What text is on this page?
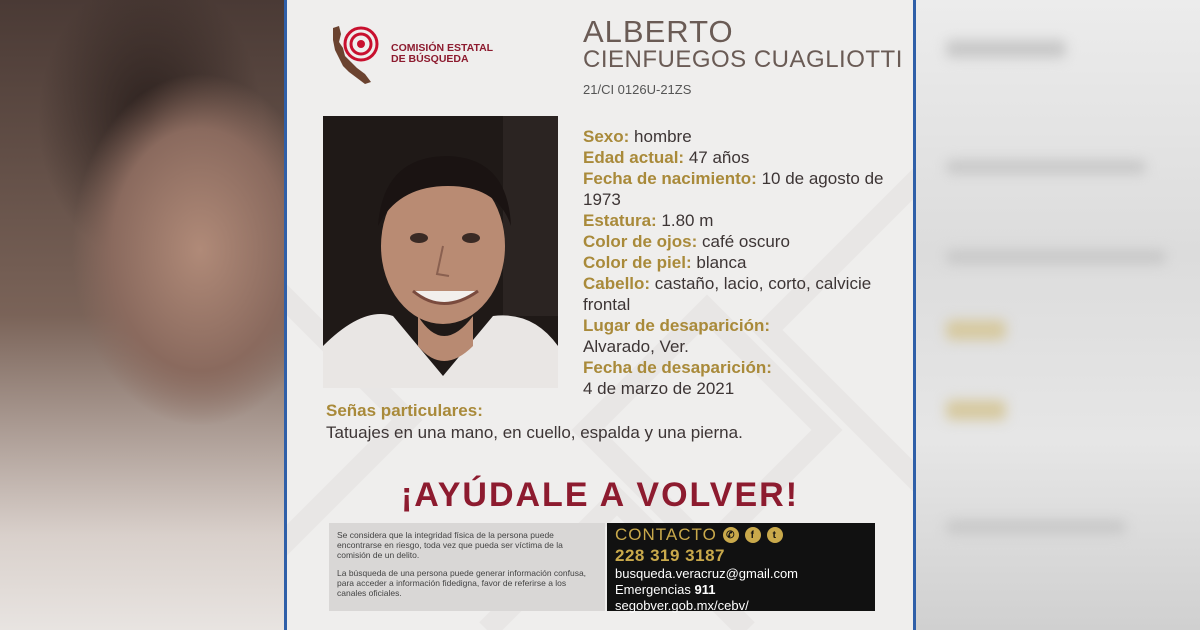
COMISIÓN ESTATAL
DE BÚSQUEDA
ALBERTO
CIENFUEGOS CUAGLIOTTI
21/CI 0126U-21ZS
Sexo: hombre
Edad actual: 47 años
Fecha de nacimiento: 10 de agosto de 1973
Estatura: 1.80 m
Color de ojos: café oscuro
Color de piel: blanca
Cabello: castaño, lacio, corto, calvicie frontal
Lugar de desaparición:
Alvarado, Ver.
Fecha de desaparición:
4 de marzo de 2021
Señas particulares:
Tatuajes en una mano, en cuello, espalda y una pierna.
¡AYÚDALE A VOLVER!

Se considera que la integridad física de la persona puede encontrarse en riesgo, toda vez que pueda ser víctima de la comisión de un delito.

La búsqueda de una persona puede generar información confusa, para acceder a información fidedigna, favor de referirse a los canales oficiales.

CONTACTO ✆	f	t
228 319 3187
busqueda.veracruz@gmail.com
Emergencias 911
segobver.gob.mx/cebv/
